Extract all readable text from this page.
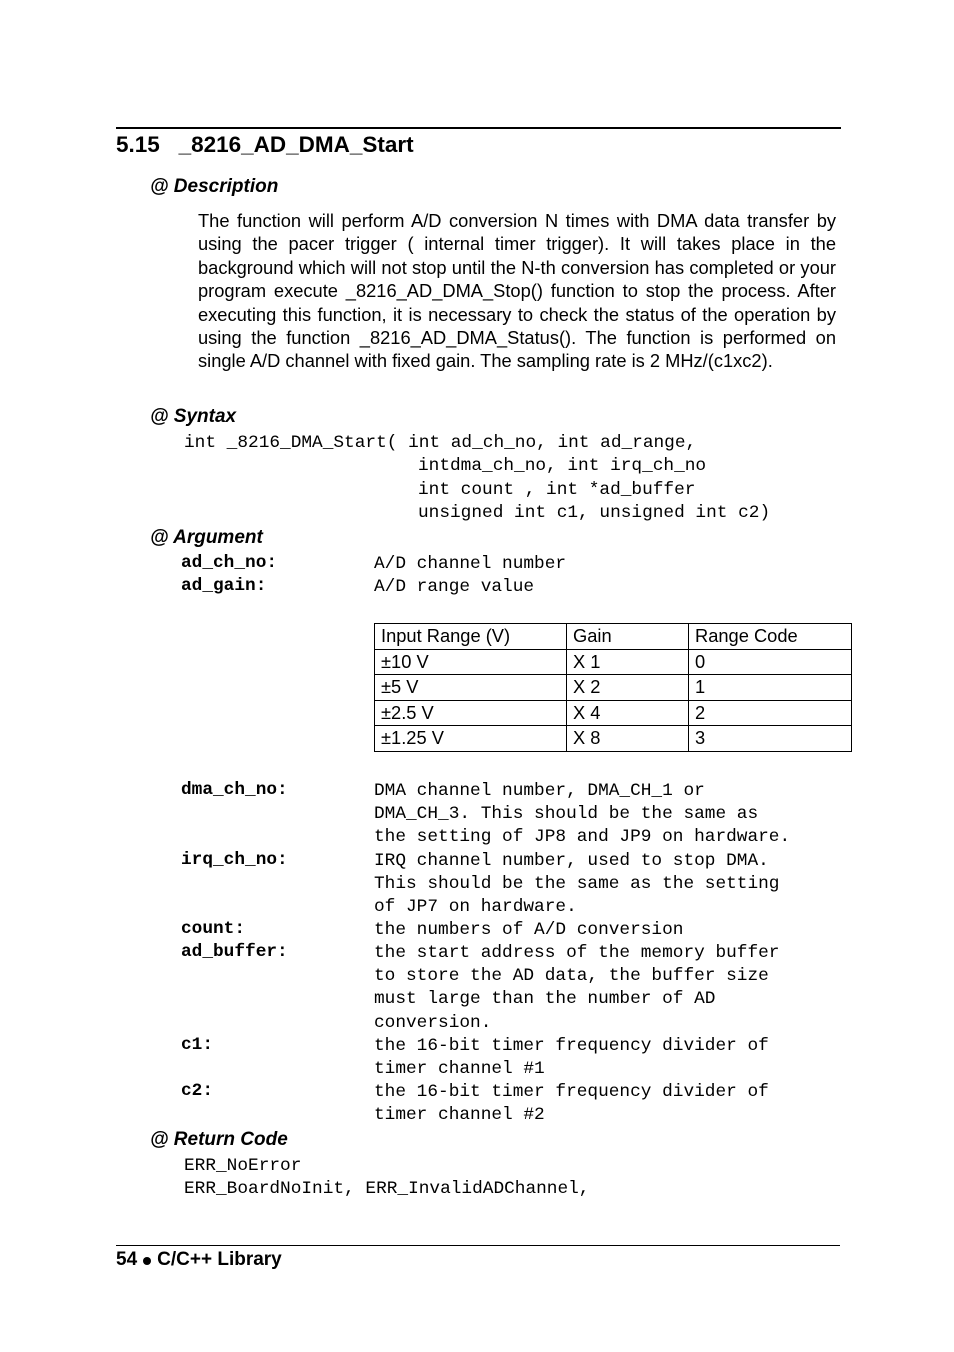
5.15 _8216_AD_DMA_Start
@ Description
The function will perform A/D conversion N times with DMA data transfer by using the pacer trigger ( internal timer trigger). It will takes place in the background which will not stop until the N-th conversion has completed or your program execute _8216_AD_DMA_Stop() function to stop the process. After executing this function, it is necessary to check the status of the operation by using the function _8216_AD_DMA_Status(). The function is performed on single A/D channel with fixed gain. The sampling rate is 2 MHz/(c1xc2).
@ Syntax
int _8216_DMA_Start( int ad_ch_no, int ad_range,
intdma_ch_no, int irq_ch_no
int count , int *ad_buffer
unsigned int c1, unsigned int c2)
@ Argument
ad_ch_no:	A/D channel number
ad_gain:	A/D range value
Input Range (V)	Gain	Range Code
±10 V	X 1	0
±5 V	X 2	1
±2.5 V	X 4	2
±1.25 V	X 8	3
dma_ch_no:	DMA channel number, DMA_CH_1 or
DMA_CH_3. This should be the same as
the setting of JP8 and JP9 on hardware.
irq_ch_no:	IRQ channel number, used to stop DMA.
This should be the same as the setting
of JP7 on hardware.
count:	the numbers of A/D conversion
ad_buffer:	the start address of the memory buffer
to store the AD data, the buffer size
must large than the number of AD
conversion.
c1:	the 16-bit timer frequency divider of
timer channel #1
c2:	the 16-bit timer frequency divider of
timer channel #2
@ Return Code
ERR_NoError
ERR_BoardNoInit, ERR_InvalidADChannel,
54 C/C++ Library
